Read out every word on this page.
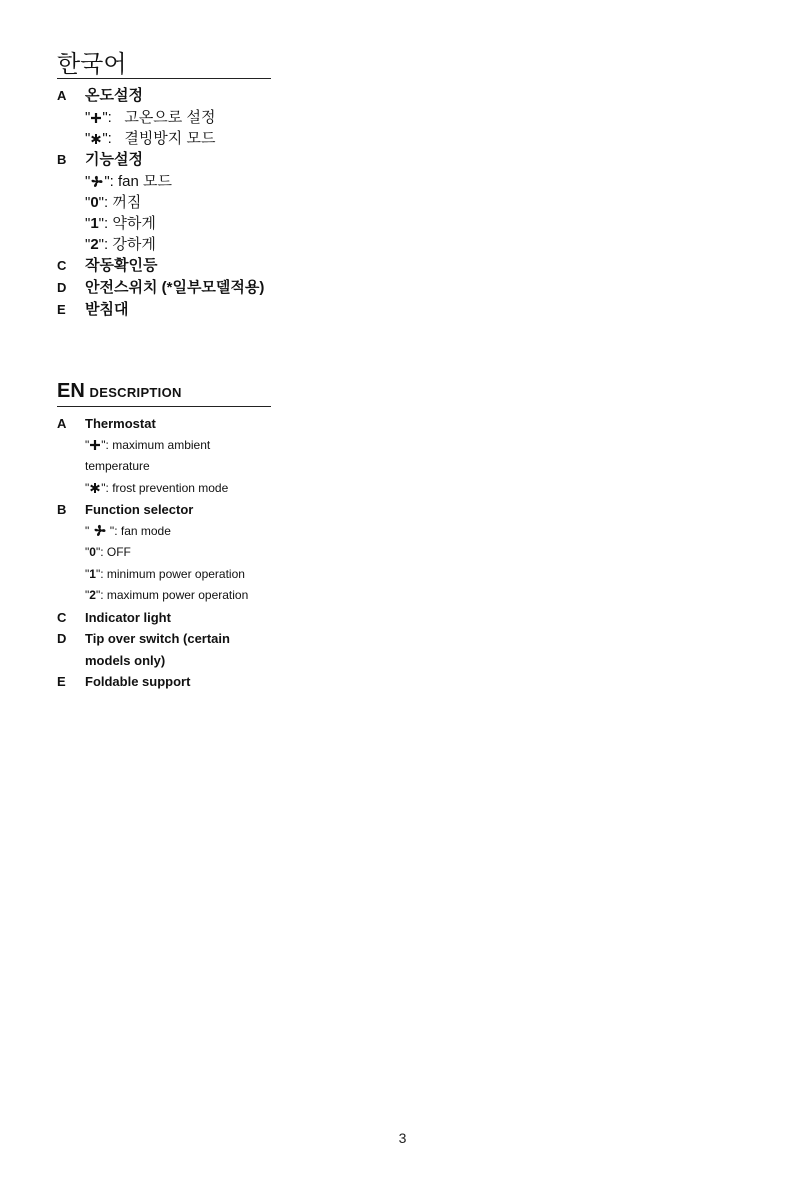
한국어
A	온도설정
" ":   고온으로 설정
" ":   결빙방지 모드
B	기능설정
" ": fan 모드
"0": 꺼짐
"1": 약하게
"2": 강하게
C	작동확인등
D	안전스위치 (*일부모델적용)
E	받침대
EN DESCRIPTION
A	Thermostat
" ": maximum ambient temperature
" ": frost prevention mode
B	Function selector
"  ": fan mode
"0": OFF
"1": minimum power operation
"2": maximum power operation
C	Indicator light
D	Tip over switch (certain models only)
E	Foldable support
3
